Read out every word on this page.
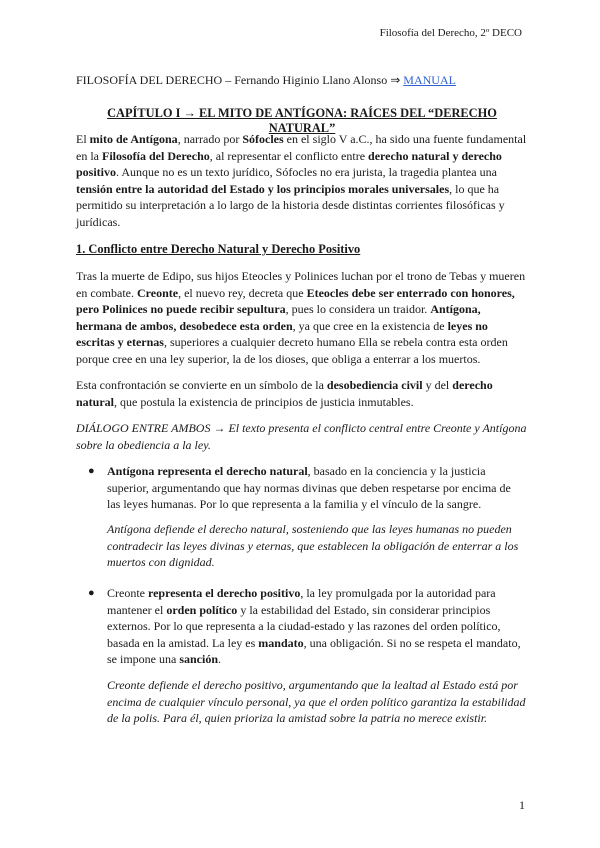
Filosofía del Derecho, 2º DECO
FILOSOFÍA DEL DERECHO – Fernando Higinio Llano Alonso ⇒ MANUAL
CAPÍTULO I → EL MITO DE ANTÍGONA: RAÍCES DEL “DERECHO NATURAL”

El mito de Antígona, narrado por Sófocles en el siglo V a.C., ha sido una fuente fundamental en la Filosofía del Derecho, al representar el conflicto entre derecho natural y derecho positivo. Aunque no es un texto jurídico, Sófocles no era jurista, la tragedia plantea una tensión entre la autoridad del Estado y los principios morales universales, lo que ha permitido su interpretación a lo largo de la historia desde distintas corrientes filosóficas y jurídicas.

1. Conflicto entre Derecho Natural y Derecho Positivo

Tras la muerte de Edipo, sus hijos Eteocles y Polinices luchan por el trono de Tebas y mueren en combate. Creonte, el nuevo rey, decreta que Eteocles debe ser enterrado con honores, pero Polinices no puede recibir sepultura, pues lo considera un traidor. Antígona, hermana de ambos, desobedece esta orden, ya que cree en la existencia de leyes no escritas y eternas, superiores a cualquier decreto humano Ella se rebela contra esta orden porque cree en una ley superior, la de los dioses, que obliga a enterrar a los muertos.

Esta confrontación se convierte en un símbolo de la desobediencia civil y del derecho natural, que postula la existencia de principios de justicia inmutables.

DIÁLOGO ENTRE AMBOS → El texto presenta el conflicto central entre Creonte y Antígona sobre la obediencia a la ley.

● Antígona representa el derecho natural, basado en la conciencia y la justicia superior, argumentando que hay normas divinas que deben respetarse por encima de las leyes humanas. Por lo que representa a la familia y el vínculo de la sangre.

Antígona defiende el derecho natural, sosteniendo que las leyes humanas no pueden contradecir las leyes divinas y eternas, que establecen la obligación de enterrar a los muertos con dignidad.

● Creonte representa el derecho positivo, la ley promulgada por la autoridad para mantener el orden político y la estabilidad del Estado, sin considerar principios externos. Por lo que representa a la ciudad-estado y las razones del orden político, basada en la amistad. La ley es mandato, una obligación. Si no se respeta el mandato, se impone una sanción.

Creonte defiende el derecho positivo, argumentando que la lealtad al Estado está por encima de cualquier vínculo personal, ya que el orden político garantiza la estabilidad de la polis. Para él, quien prioriza la amistad sobre la patria no merece existir.

1
